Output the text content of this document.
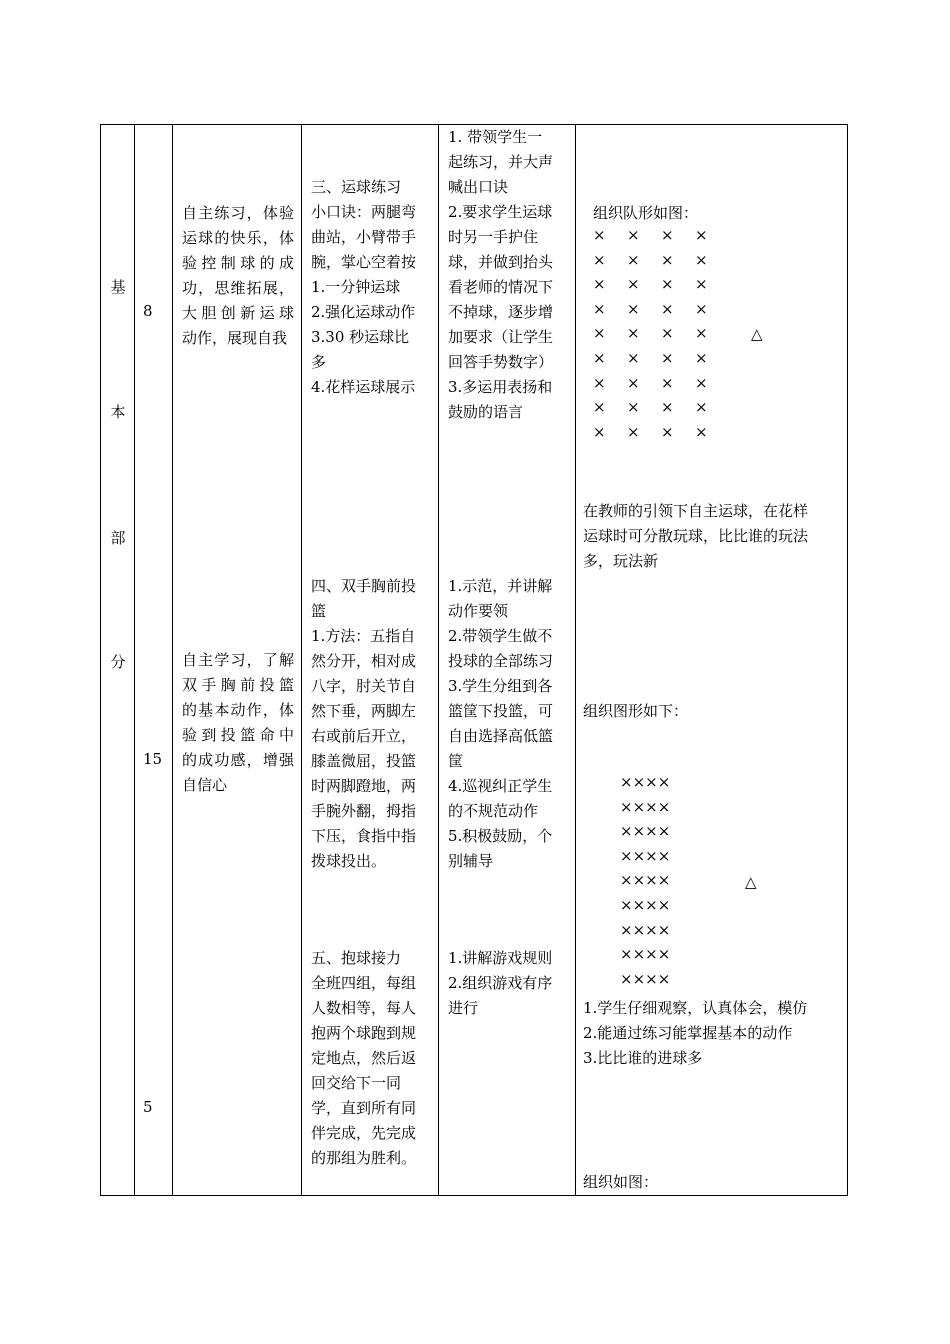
基
本
部
分
8
15
5
自主练习，体验
运球的快乐，体
验控制球的成
功，思维拓展，
大胆创新运球
动作，展现自我
三、运球练习
小口诀：两腿弯
曲站，小臂带手
腕，掌心空着按
1.一分钟运球
2.强化运球动作
3.30 秒运球比
多
4.花样运球展示
1. 带领学生一
起练习，并大声
喊出口诀
2.要求学生运球
时另一手护住
球，并做到抬头
看老师的情况下
不掉球，逐步增
加要求（让学生
回答手势数字）
3.多运用表扬和
鼓励的语言
组织队形如图：
× × × ×
× × × ×
× × × ×
× × × ×
× × × ×
× × × ×
× × × ×
× × × ×
× × × ×
△
在教师的引领下自主运球，在花样
运球时可分散玩球，比比谁的玩法
多，玩法新
四、双手胸前投
篮
1.方法：五指自
然分开，相对成
八字，肘关节自
然下垂，两脚左
右或前后开立，
膝盖微屈，投篮
时两脚蹬地，两
手腕外翻，拇指
下压，食指中指
拨球投出。
自主学习，了解
双手胸前投篮
的基本动作，体
验到投篮命中
的成功感，增强
自信心
1.示范，并讲解
动作要领
2.带领学生做不
投球的全部练习
3.学生分组到各
篮筐下投篮，可
自由选择高低篮
筐
4.巡视纠正学生
的不规范动作
5.积极鼓励，个
别辅导
组织图形如下：
××××
××××
××××
××××
××××
××××
××××
××××
××××
△
1.学生仔细观察，认真体会，模仿
2.能通过练习能掌握基本的动作
3.比比谁的进球多
五、抱球接力
全班四组，每组
人数相等，每人
抱两个球跑到规
定地点，然后返
回交给下一同
学，直到所有同
伴完成，先完成
的那组为胜利。
1.讲解游戏规则
2.组织游戏有序
进行
组织如图：
